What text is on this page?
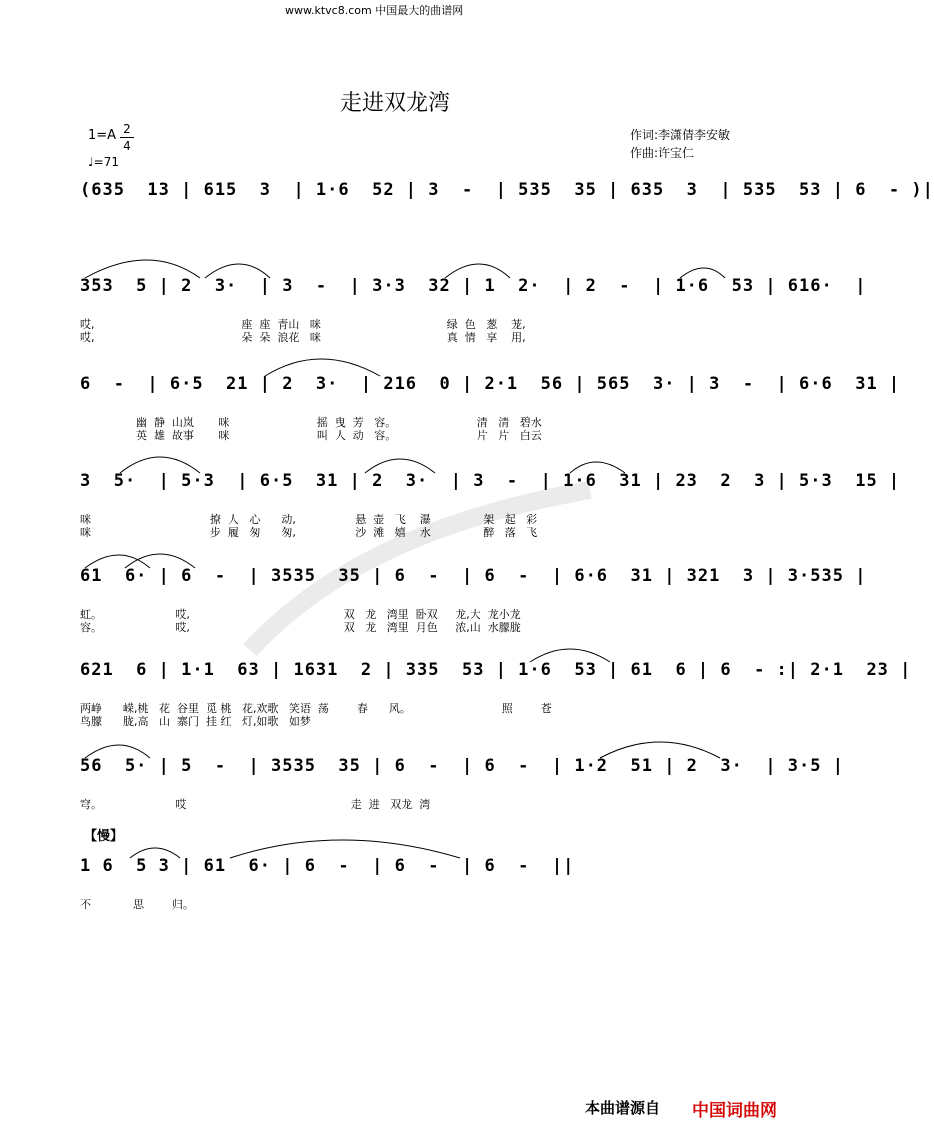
www.ktvc8.com 中国最大的曲谱网
走进双龙湾
1=A 2
4
♩=71
作词:李潇倩李安敏
作曲:许宝仁
(635  13 | 615  3  | 1·6  52 | 3  -  | 535  35 | 635  3  | 535  53 | 6  - )|
353  5 | 2  3·  | 3  -  | 3·3  32 | 1  2·  | 2  -  | 1·6  53 | 616·  |
哎,                                          座  座  青山   咪                                    绿  色   葱    茏,
哎,                                          朵  朵  浪花   咪                                    真  情   享    用,
6  -  | 6·5  21 | 2  3·  | 216  0 | 2·1  56 | 565  3· | 3  -  | 6·6  31 |
幽  静  山岚       咪                         摇  曳  芳   容。                       清   清   碧水
英  雄  故事       咪                         叫  人  动   容。                       片   片   白云
3  5·  | 5·3  | 6·5  31 | 2  3·  | 3  -  | 1·6  31 | 23  2  3 | 5·3  15 |
咪                                  撩  人   心      动,                 悬  壶   飞    瀑               架   起   彩
咪                                  步  履   匆      匆,                 沙  滩   嬉    水               醉   落   飞
61  6· | 6  -  | 3535  35 | 6  -  | 6  -  | 6·6  31 | 321  3 | 3·535 |
虹。                     哎,                                            双   龙   湾里  卧双     龙,大  龙小龙
容。                     哎,                                            双   龙   湾里  月色     浓,山  水朦胧
621  6 | 1·1  63 | 1631  2 | 335  53 | 1·6  53 | 61  6 | 6  - :| 2·1  23 |
两峥      嵘,桃   花  谷里  觅 桃   花,欢歌   笑语  荡        春      风。                          照        苍
鸟朦      胧,高   山  寨门  挂 红   灯,如歌   如梦
56  5· | 5  -  | 3535  35 | 6  -  | 6  -  | 1·2  51 | 2  3·  | 3·5 |
穹。                     哎                                               走  进   双龙  湾
【慢】
1 6  5 3 | 61  6· | 6  -  | 6  -  | 6  -  ||
不            思        归。
本曲谱源自 中国词曲网
